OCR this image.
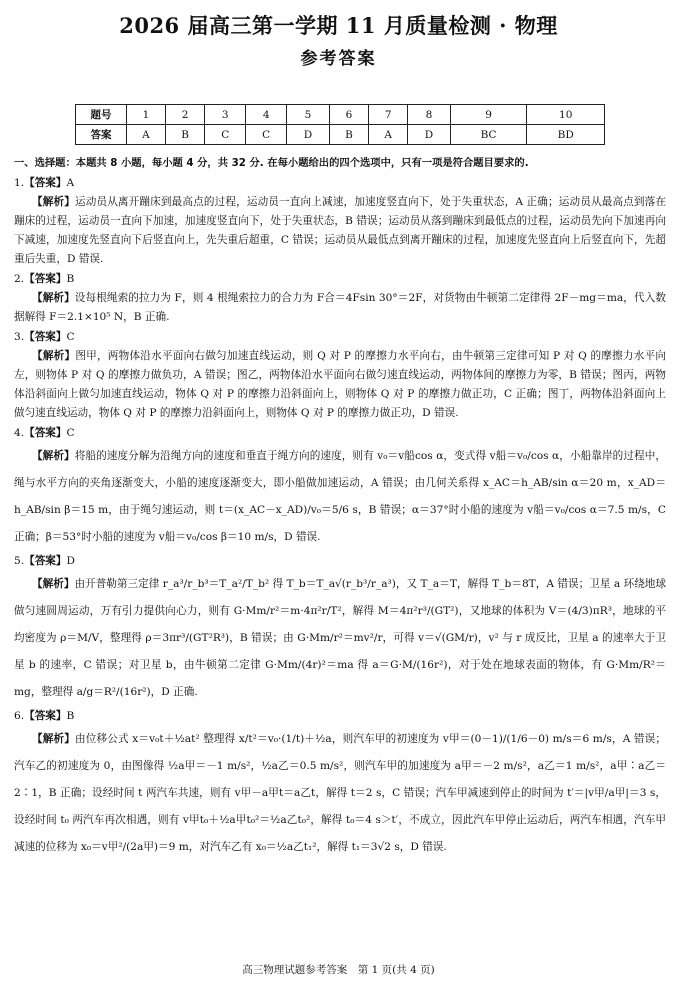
2026 届高三第一学期 11 月质量检测 · 物理
参考答案
题号	1	2	3	4	5	6	7	8	9	10
答案	A	B	C	C	D	B	A	D	BC	BD
一、选择题：本题共 8 小题，每小题 4 分，共 32 分. 在每小题给出的四个选项中，只有一项是符合题目要求的.
1.【答案】A
【解析】运动员从离开蹦床到最高点的过程，运动员一直向上减速，加速度竖直向下，处于失重状态，A 正确；运动员从最高点到落在蹦床的过程，运动员一直向下加速，加速度竖直向下，处于失重状态，B 错误；运动员从落到蹦床到最低点的过程，运动员先向下加速再向下减速，加速度先竖直向下后竖直向上，先失重后超重，C 错误；运动员从最低点到离开蹦床的过程，加速度先竖直向上后竖直向下，先超重后失重，D 错误.
2.【答案】B
【解析】设每根绳索的拉力为 F，则 4 根绳索拉力的合力为 F合＝4Fsin 30°＝2F，对货物由牛顿第二定律得 2F－mg＝ma，代入数据解得 F＝2.1×10⁵ N，B 正确.
3.【答案】C
【解析】图甲，两物体沿水平面向右做匀加速直线运动，则 Q 对 P 的摩擦力水平向右，由牛顿第三定律可知 P 对 Q 的摩擦力水平向左，则物体 P 对 Q 的摩擦力做负功，A 错误；图乙，两物体沿水平面向右做匀速直线运动，两物体间的摩擦力为零，B 错误；图丙，两物体沿斜面向上做匀加速直线运动，物体 Q 对 P 的摩擦力沿斜面向上，则物体 Q 对 P 的摩擦力做正功，C 正确；图丁，两物体沿斜面向上做匀速直线运动，物体 Q 对 P 的摩擦力沿斜面向上，则物体 Q 对 P 的摩擦力做正功，D 错误.
4.【答案】C
【解析】将船的速度分解为沿绳方向的速度和垂直于绳方向的速度，则有 v₀＝v船cos α，变式得 v船＝v₀/cos α，小船靠岸的过程中，绳与水平方向的夹角逐渐变大，小船的速度逐渐变大，即小船做加速运动，A 错误；由几何关系得 x_AC＝h_AB/sin α＝20 m，x_AD＝h_AB/sin β＝15 m，由于绳匀速运动，则 t＝(x_AC－x_AD)/v₀＝5/6 s，B 错误；α＝37°时小船的速度为 v船＝v₀/cos α＝7.5 m/s，C 正确；β＝53°时小船的速度为 v船＝v₀/cos β＝10 m/s，D 错误.
5.【答案】D
【解析】由开普勒第三定律 r_a³/r_b³＝T_a²/T_b² 得 T_b＝T_a√(r_b³/r_a³)，又 T_a＝T，解得 T_b＝8T，A 错误；卫星 a 环绕地球做匀速圆周运动，万有引力提供向心力，则有 G·Mm/r²＝m·4π²r/T²，解得 M＝4π²r³/(GT²)，又地球的体积为 V＝(4/3)πR³，地球的平均密度为 ρ＝M/V，整理得 ρ＝3πr³/(GT²R³)，B 错误；由 G·Mm/r²＝mv²/r，可得 v＝√(GM/r)，v² 与 r 成反比，卫星 a 的速率大于卫星 b 的速率，C 错误；对卫星 b，由牛顿第二定律 G·Mm/(4r)²＝ma 得 a＝G·M/(16r²)，对于处在地球表面的物体，有 G·Mm/R²＝mg，整理得 a/g＝R²/(16r²)，D 正确.
6.【答案】B
【解析】由位移公式 x＝v₀t＋½at² 整理得 x/t²＝v₀·(1/t)＋½a，则汽车甲的初速度为 v甲＝(0－1)/(1/6－0) m/s＝6 m/s，A 错误；汽车乙的初速度为 0，由图像得 ½a甲＝－1 m/s²，½a乙＝0.5 m/s²，则汽车甲的加速度为 a甲＝－2 m/s²，a乙＝1 m/s²，a甲∶a乙＝2∶1，B 正确；设经时间 t 两汽车共速，则有 v甲－a甲t＝a乙t，解得 t＝2 s，C 错误；汽车甲减速到停止的时间为 t′＝|v甲/a甲|＝3 s，设经时间 t₀ 两汽车再次相遇，则有 v甲t₀＋½a甲t₀²＝½a乙t₀²，解得 t₀＝4 s＞t′，不成立，因此汽车甲停止运动后，两汽车相遇，汽车甲减速的位移为 x₀＝v甲²/(2a甲)＝9 m，对汽车乙有 x₀＝½a乙t₁²，解得 t₁＝3√2 s，D 错误.
高三物理试题参考答案　第 1 页(共 4 页)
